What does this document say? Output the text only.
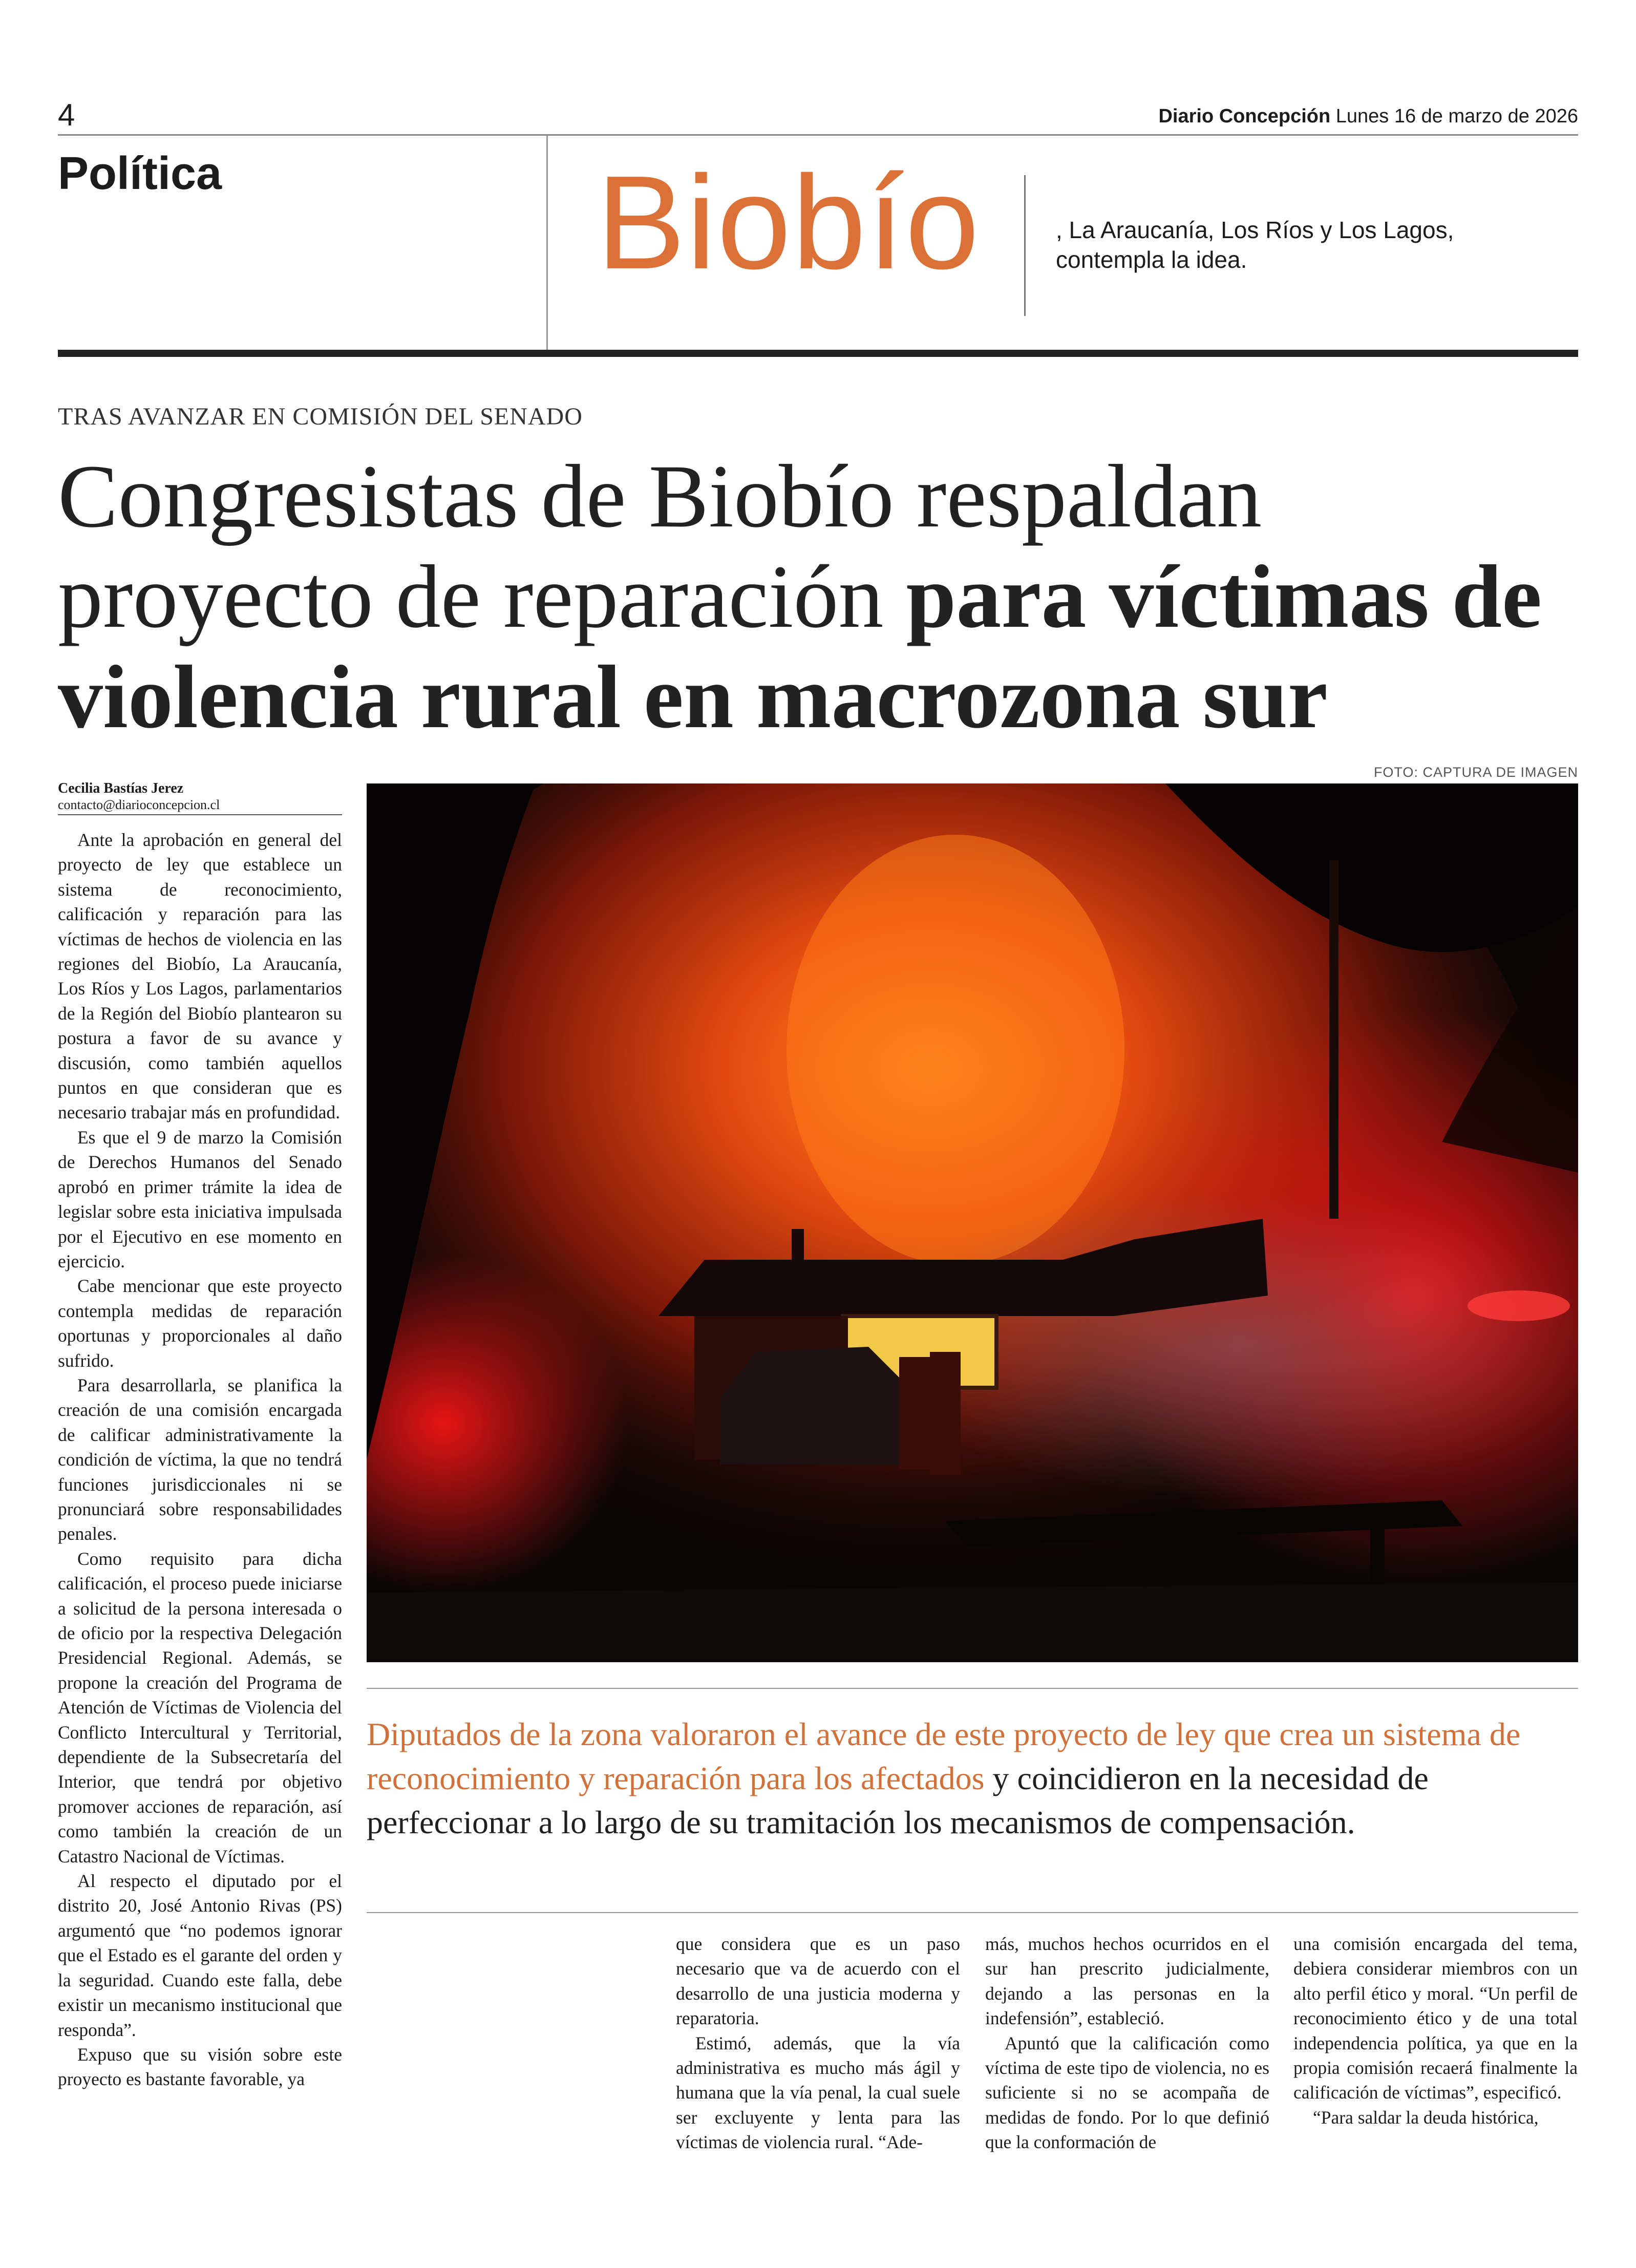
4	Diario Concepción Lunes 16 de marzo de 2026
Política	Biobío	, La Araucanía, Los Ríos y Los Lagos, contempla la idea.
TRAS AVANZAR EN COMISIÓN DEL SENADO
Congresistas de Biobío respaldan proyecto de reparación para víctimas de violencia rural en macrozona sur
FOTO: CAPTURA DE IMAGEN
Cecilia Bastías Jerez
contacto@diarioconcepcion.cl

Ante la aprobación en general del proyecto de ley que establece un sistema de reconocimiento, calificación y reparación para las víctimas de hechos de violencia en las regiones del Biobío, La Araucanía, Los Ríos y Los Lagos, parlamentarios de la Región del Biobío plantearon su postura a favor de su avance y discusión, como también aquellos puntos en que consideran que es necesario trabajar más en profundidad.

Es que el 9 de marzo la Comisión de Derechos Humanos del Senado aprobó en primer trámite la idea de legislar sobre esta iniciativa impulsada por el Ejecutivo en ese momento en ejercicio.

Cabe mencionar que este proyecto contempla medidas de reparación oportunas y proporcionales al daño sufrido.

Para desarrollarla, se planifica la creación de una comisión encargada de calificar administrativamente la condición de víctima, la que no tendrá funciones jurisdiccionales ni se pronunciará sobre responsabilidades penales.

Como requisito para dicha calificación, el proceso puede iniciarse a solicitud de la persona interesada o de oficio por la respectiva Delegación Presidencial Regional. Además, se propone la creación del Programa de Atención de Víctimas de Violencia del Conflicto Intercultural y Territorial, dependiente de la Subsecretaría del Interior, que tendrá por objetivo promover acciones de reparación, así como también la creación de un Catastro Nacional de Víctimas.

Al respecto el diputado por el distrito 20, José Antonio Rivas (PS) argumentó que “no podemos ignorar que el Estado es el garante del orden y la seguridad. Cuando este falla, debe existir un mecanismo institucional que responda”.

Expuso que su visión sobre este proyecto es bastante favorable, ya

Diputados de la zona valoraron el avance de este proyecto de ley que crea un sistema de reconocimiento y reparación para los afectados y coincidieron en la necesidad de perfeccionar a lo largo de su tramitación los mecanismos de compensación.

que considera que es un paso necesario que va de acuerdo con el desarrollo de una justicia moderna y reparatoria.

Estimó, además, que la vía administrativa es mucho más ágil y humana que la vía penal, la cual suele ser excluyente y lenta para las víctimas de violencia rural. “Ade-

más, muchos hechos ocurridos en el sur han prescrito judicialmente, dejando a las personas en la indefensión”, estableció.

Apuntó que la calificación como víctima de este tipo de violencia, no es suficiente si no se acompaña de medidas de fondo. Por lo que definió que la conformación de

una comisión encargada del tema, debiera considerar miembros con un alto perfil ético y moral. “Un perfil de reconocimiento ético y de una total independencia política, ya que en la propia comisión recaerá finalmente la calificación de víctimas”, especificó.

“Para saldar la deuda histórica,
